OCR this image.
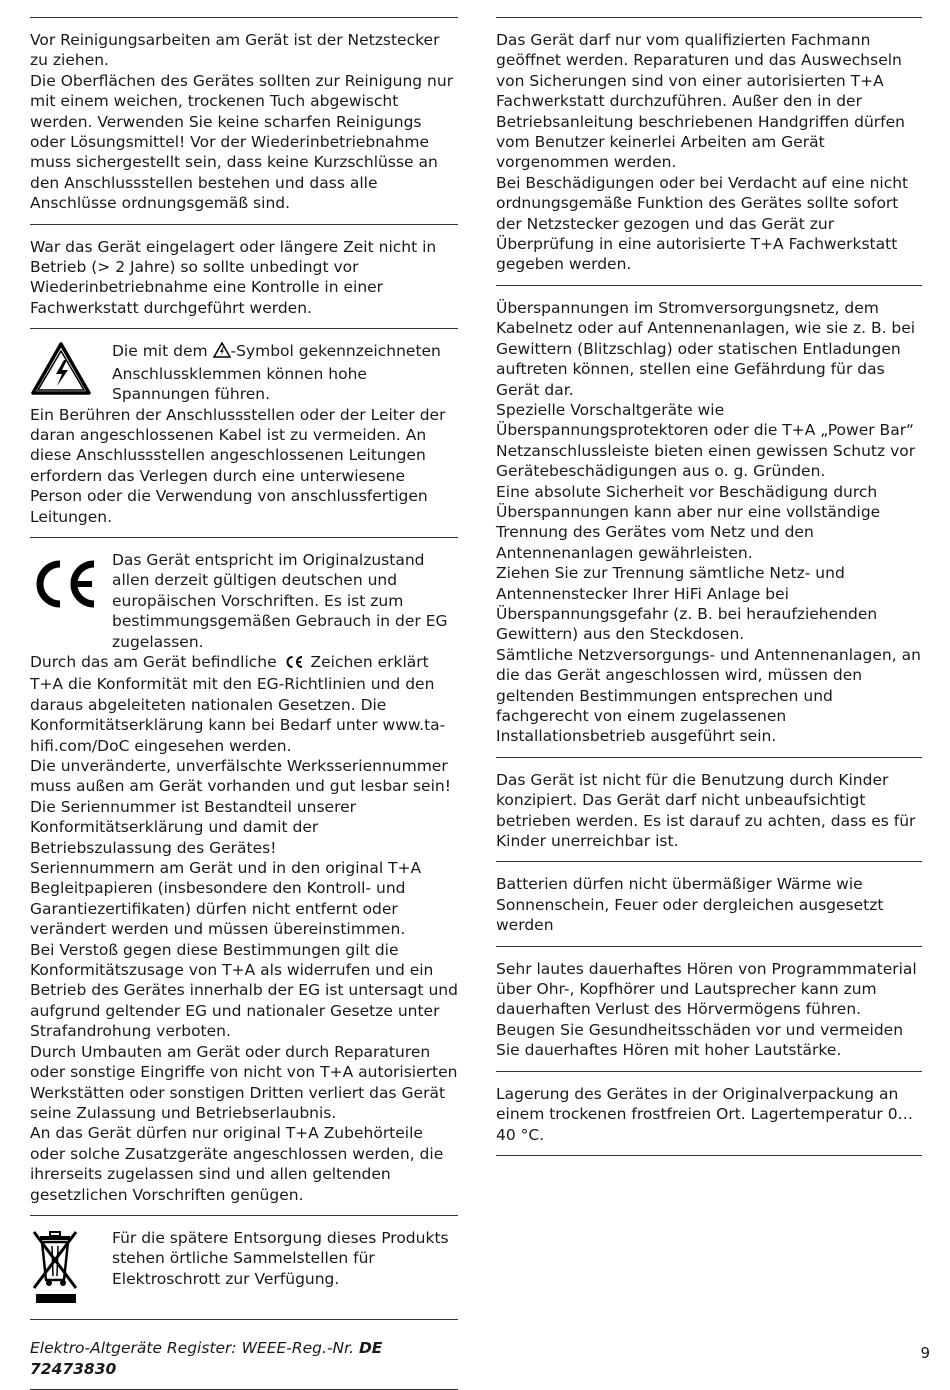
Vor Reinigungsarbeiten am Gerät ist der Netzstecker zu ziehen.

Die Oberflächen des Gerätes sollten zur Reinigung nur mit einem weichen, trockenen Tuch abgewischt werden. Verwenden Sie keine scharfen Reinigungs oder Lösungsmittel! Vor der Wiederinbetriebnahme muss sichergestellt sein, dass keine Kurzschlüsse an den Anschlussstellen bestehen und dass alle Anschlüsse ordnungsgemäß sind.

War das Gerät eingelagert oder längere Zeit nicht in Betrieb (> 2 Jahre) so sollte unbedingt vor Wiederinbetriebnahme eine Kontrolle in einer Fachwerkstatt durchgeführt werden.

Die mit dem -Symbol gekennzeichneten Anschlussklemmen können hohe Spannungen führen.

Ein Berühren der Anschlussstellen oder der Leiter der daran angeschlossenen Kabel ist zu vermeiden. An diese Anschlussstellen angeschlossenen Leitungen erfordern das Verlegen durch eine unterwiesene Person oder die Verwendung von anschlussfertigen Leitungen.

Das Gerät entspricht im Originalzustand allen derzeit gültigen deutschen und europäischen Vorschriften. Es ist zum bestimmungsgemäßen Gebrauch in der EG zugelassen.

Durch das am Gerät befindliche  Zeichen erklärt T+A die Konformität mit den EG-Richtlinien und den daraus abgeleiteten nationalen Gesetzen. Die Konformitätserklärung kann bei Bedarf unter www.ta-hifi.com/DoC eingesehen werden.

Die unveränderte, unverfälschte Werksseriennummer muss außen am Gerät vorhanden und gut lesbar sein! Die Seriennummer ist Bestandteil unserer Konformitätserklärung und damit der Betriebszulassung des Gerätes!

Seriennummern am Gerät und in den original T+A Begleitpapieren (insbesondere den Kontroll- und Garantiezertifikaten) dürfen nicht entfernt oder verändert werden und müssen übereinstimmen.

Bei Verstoß gegen diese Bestimmungen gilt die Konformitätszusage von T+A als widerrufen und ein Betrieb des Gerätes innerhalb der EG ist untersagt und aufgrund geltender EG und nationaler Gesetze unter Strafandrohung verboten.

Durch Umbauten am Gerät oder durch Reparaturen oder sonstige Eingriffe von nicht von T+A autorisierten Werkstätten oder sonstigen Dritten verliert das Gerät seine Zulassung und Betriebserlaubnis.

An das Gerät dürfen nur original T+A Zubehörteile oder solche Zusatzgeräte angeschlossen werden, die ihrerseits zugelassen sind und allen geltenden gesetzlichen Vorschriften genügen.

Für die spätere Entsorgung dieses Produkts stehen örtliche Sammelstellen für Elektroschrott zur Verfügung.

Elektro-Altgeräte Register: WEEE-Reg.-Nr. DE 72473830

Das Gerät darf nur vom qualifizierten Fachmann geöffnet werden. Reparaturen und das Auswechseln von Sicherungen sind von einer autorisierten T+A Fachwerkstatt durchzuführen. Außer den in der Betriebsanleitung beschriebenen Handgriffen dürfen vom Benutzer keinerlei Arbeiten am Gerät vorgenommen werden.

Bei Beschädigungen oder bei Verdacht auf eine nicht ordnungsgemäße Funktion des Gerätes sollte sofort der Netzstecker gezogen und das Gerät zur Überprüfung in eine autorisierte T+A Fachwerkstatt gegeben werden.

Überspannungen im Stromversorgungsnetz, dem Kabelnetz oder auf Antennenanlagen, wie sie z. B. bei Gewittern (Blitzschlag) oder statischen Entladungen auftreten können, stellen eine Gefährdung für das Gerät dar.

Spezielle Vorschaltgeräte wie Überspannungsprotektoren oder die T+A „Power Bar“ Netzanschlussleiste bieten einen gewissen Schutz vor Gerätebeschädigungen aus o. g. Gründen.

Eine absolute Sicherheit vor Beschädigung durch Überspannungen kann aber nur eine vollständige Trennung des Gerätes vom Netz und den Antennenanlagen gewährleisten.

Ziehen Sie zur Trennung sämtliche Netz- und Antennenstecker Ihrer HiFi Anlage bei Überspannungsgefahr (z. B. bei heraufziehenden Gewittern) aus den Steckdosen.

Sämtliche Netzversorgungs- und Antennenanlagen, an die das Gerät angeschlossen wird, müssen den geltenden Bestimmungen entsprechen und fachgerecht von einem zugelassenen Installationsbetrieb ausgeführt sein.

Das Gerät ist nicht für die Benutzung durch Kinder konzipiert. Das Gerät darf nicht unbeaufsichtigt betrieben werden. Es ist darauf zu achten, dass es für Kinder unerreichbar ist.

Batterien dürfen nicht übermäßiger Wärme wie Sonnenschein, Feuer oder dergleichen ausgesetzt werden

Sehr lautes dauerhaftes Hören von Programmmaterial über Ohr-, Kopfhörer und Lautsprecher kann zum dauerhaften Verlust des Hörvermögens führen. Beugen Sie Gesundheitsschäden vor und vermeiden Sie dauerhaftes Hören mit hoher Lautstärke.

Lagerung des Gerätes in der Originalverpackung an einem trockenen frostfreien Ort. Lagertemperatur 0…40 °C.

9
